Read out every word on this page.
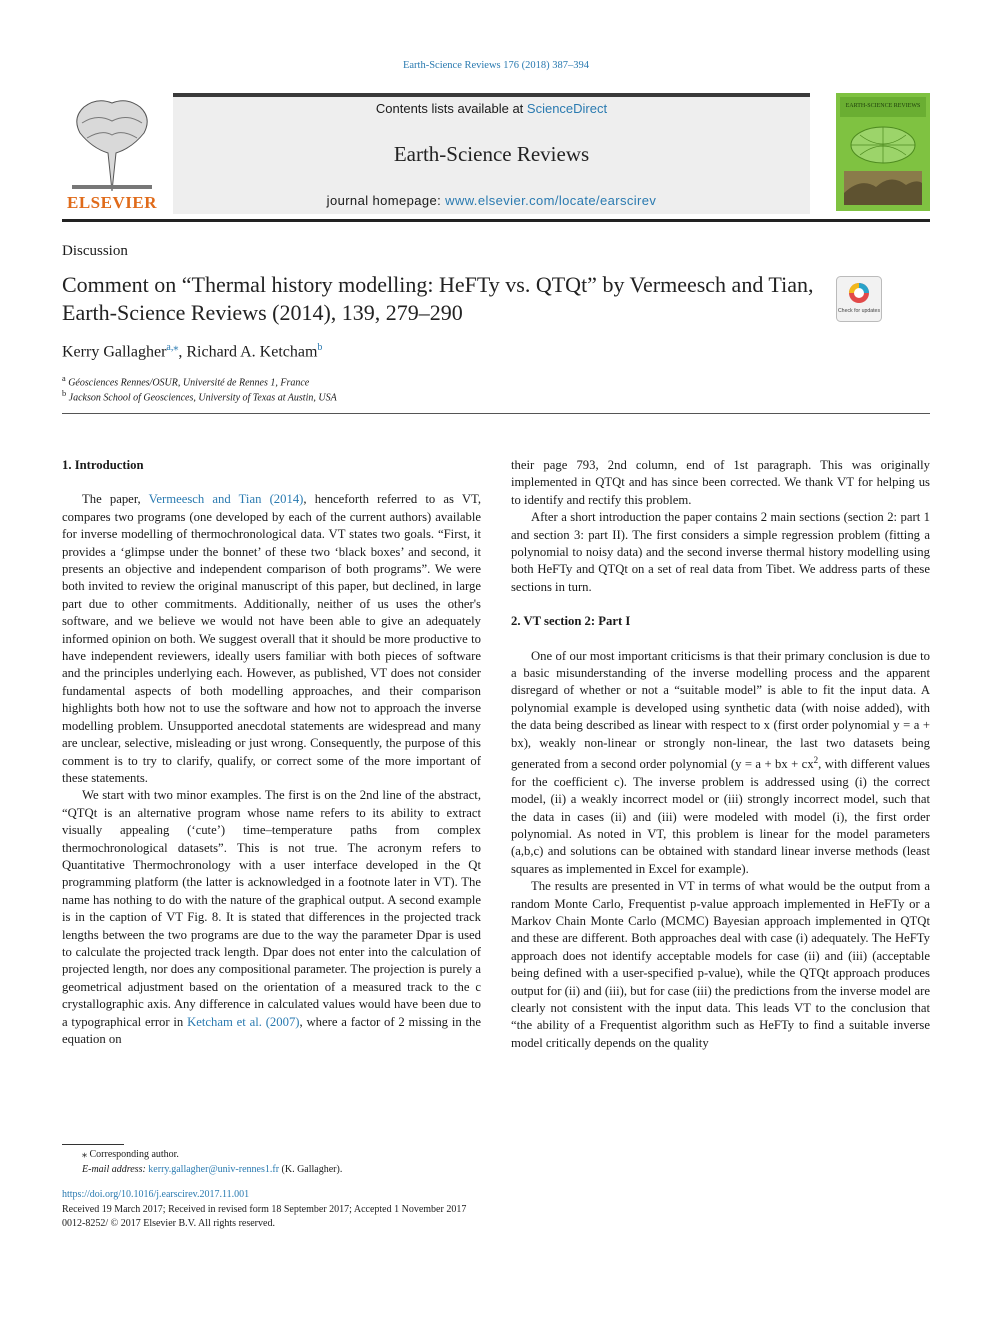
Earth-Science Reviews 176 (2018) 387–394
ELSEVIER
Contents lists available at ScienceDirect
Earth-Science Reviews
journal homepage: www.elsevier.com/locate/earscirev
EARTH-SCIENCE REVIEWS
Discussion
Comment on “Thermal history modelling: HeFTy vs. QTQt” by Vermeesch and Tian, Earth-Science Reviews (2014), 139, 279–290	Check for updates
Kerry Gallagher$^{a,⁎}$, Richard A. Ketcham$^b$
$^a$ Géosciences Rennes/OSUR, Université de Rennes 1, France
$^b$ Jackson School of Geosciences, University of Texas at Austin, USA
1. Introduction

The paper, Vermeesch and Tian (2014), henceforth referred to as VT, compares two programs (one developed by each of the current authors) available for inverse modelling of thermochronological data. VT states two goals. “First, it provides a ‘glimpse under the bonnet’ of these two ‘black boxes’ and second, it presents an objective and independent comparison of both programs”. We were both invited to review the original manuscript of this paper, but declined, in large part due to other commitments. Additionally, neither of us uses the other's software, and we believe we would not have been able to give an adequately informed opinion on both. We suggest overall that it should be more productive to have independent reviewers, ideally users familiar with both pieces of software and the principles underlying each. However, as published, VT does not consider fundamental aspects of both modelling approaches, and their comparison highlights both how not to use the software and how not to approach the inverse modelling problem. Unsupported anecdotal statements are widespread and many are unclear, selective, misleading or just wrong. Consequently, the purpose of this comment is to try to clarify, qualify, or correct some of the more important of these statements.

We start with two minor examples. The first is on the 2nd line of the abstract, “QTQt is an alternative program whose name refers to its ability to extract visually appealing (‘cute’) time–temperature paths from complex thermochronological datasets”. This is not true. The acronym refers to Quantitative Thermochronology with a user interface developed in the Qt programming platform (the latter is acknowledged in a footnote later in VT). The name has nothing to do with the nature of the graphical output. A second example is in the caption of VT Fig. 8. It is stated that differences in the projected track lengths between the two programs are due to the way the parameter Dpar is used to calculate the projected track length. Dpar does not enter into the calculation of projected length, nor does any compositional parameter. The projection is purely a geometrical adjustment based on the orientation of a measured track to the c crystallographic axis. Any difference in calculated values would have been due to a typographical error in Ketcham et al. (2007), where a factor of 2 missing in the equation on

their page 793, 2nd column, end of 1st paragraph. This was originally implemented in QTQt and has since been corrected. We thank VT for helping us to identify and rectify this problem.

After a short introduction the paper contains 2 main sections (section 2: part 1 and section 3: part II). The first considers a simple regression problem (fitting a polynomial to noisy data) and the second inverse thermal history modelling using both HeFTy and QTQt on a set of real data from Tibet. We address parts of these sections in turn.

2. VT section 2: Part I

One of our most important criticisms is that their primary conclusion is due to a basic misunderstanding of the inverse modelling process and the apparent disregard of whether or not a “suitable model” is able to fit the input data. A polynomial example is developed using synthetic data (with noise added), with the data being described as linear with respect to x (first order polynomial y = a + bx), weakly non-linear or strongly non-linear, the last two datasets being generated from a second order polynomial (y = a + bx + $cx^2$, with different values for the coefficient c). The inverse problem is addressed using (i) the correct model, (ii) a weakly incorrect model or (iii) strongly incorrect model, such that the data in cases (ii) and (iii) were modeled with model (i), the first order polynomial. As noted in VT, this problem is linear for the model parameters (a,b,c) and solutions can be obtained with standard linear inverse methods (least squares as implemented in Excel for example).

The results are presented in VT in terms of what would be the output from a random Monte Carlo, Frequentist p-value approach implemented in HeFTy or a Markov Chain Monte Carlo (MCMC) Bayesian approach implemented in QTQt and these are different. Both approaches deal with case (i) adequately. The HeFTy approach does not identify acceptable models for case (ii) and (iii) (acceptable being defined with a user-specified p-value), while the QTQt approach produces output for (ii) and (iii), but for case (iii) the predictions from the inverse model are clearly not consistent with the input data. This leads VT to the conclusion that “the ability of a Frequentist algorithm such as HeFTy to find a suitable inverse model critically depends on the quality

⁎ Corresponding author.
E-mail address: kerry.gallagher@univ-rennes1.fr (K. Gallagher).
https://doi.org/10.1016/j.earscirev.2017.11.001
Received 19 March 2017; Received in revised form 18 September 2017; Accepted 1 November 2017
0012-8252/ © 2017 Elsevier B.V. All rights reserved.
